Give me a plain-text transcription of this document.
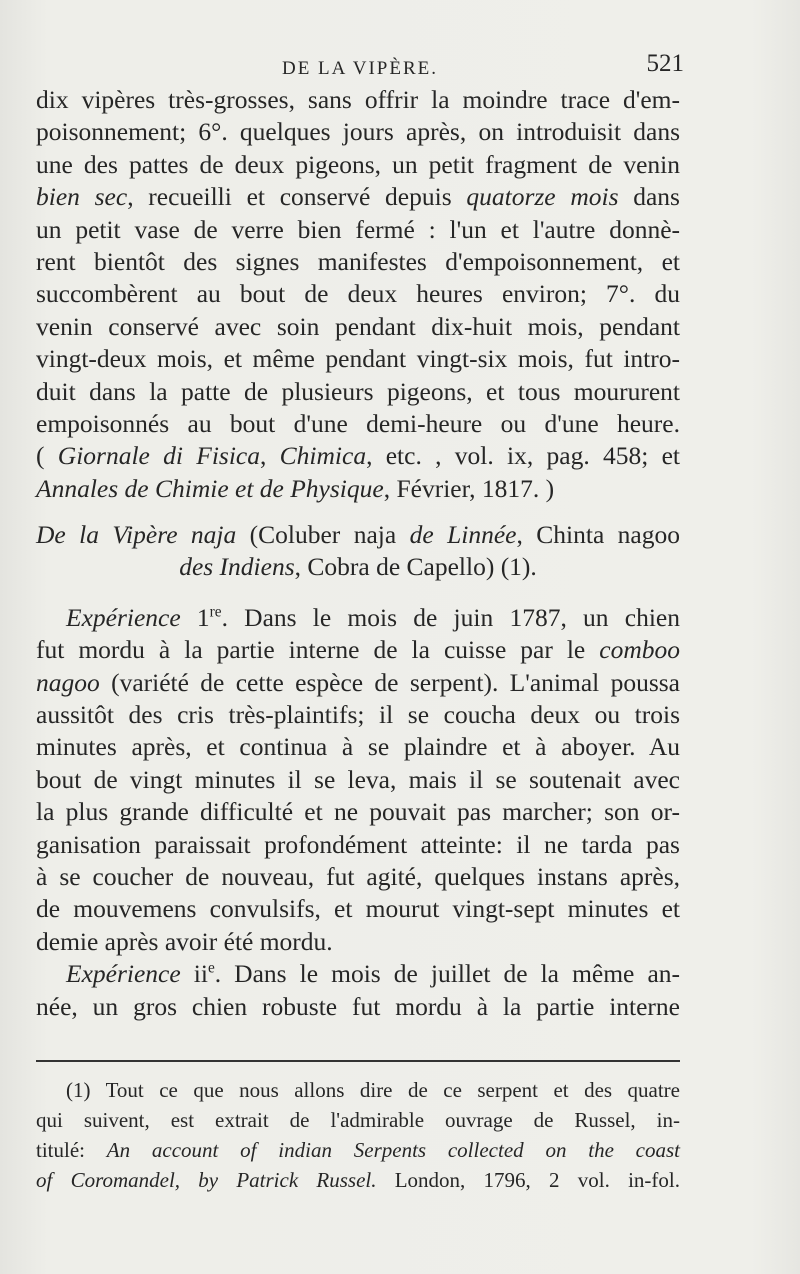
DE LA VIPÈRE.	521
dix vipères très-grosses, sans offrir la moindre trace d'em-
poisonnement; 6°. quelques jours après, on introduisit dans
une des pattes de deux pigeons, un petit fragment de venin
bien sec, recueilli et conservé depuis quatorze mois dans
un petit vase de verre bien fermé : l'un et l'autre donnè-
rent bientôt des signes manifestes d'empoisonnement, et
succombèrent au bout de deux heures environ; 7°. du
venin conservé avec soin pendant dix-huit mois, pendant
vingt-deux mois, et même pendant vingt-six mois, fut intro-
duit dans la patte de plusieurs pigeons, et tous moururent
empoisonnés au bout d'une demi-heure ou d'une heure.
( Giornale di Fisica, Chimica, etc. , vol. ix, pag. 458; et
Annales de Chimie et de Physique, Février, 1817. )
De la Vipère naja (Coluber naja de Linnée, Chinta nagoo
des Indiens, Cobra de Capello) (1).
Expérience 1re. Dans le mois de juin 1787, un chien
fut mordu à la partie interne de la cuisse par le comboo
nagoo (variété de cette espèce de serpent). L'animal poussa
aussitôt des cris très-plaintifs; il se coucha deux ou trois
minutes après, et continua à se plaindre et à aboyer. Au
bout de vingt minutes il se leva, mais il se soutenait avec
la plus grande difficulté et ne pouvait pas marcher; son or-
ganisation paraissait profondément atteinte: il ne tarda pas
à se coucher de nouveau, fut agité, quelques instans après,
de mouvemens convulsifs, et mourut vingt-sept minutes et
demie après avoir été mordu.
Expérience $ii^e$. Dans le mois de juillet de la même an-
née, un gros chien robuste fut mordu à la partie interne
(1) Tout ce que nous allons dire de ce serpent et des quatre
qui suivent, est extrait de l'admirable ouvrage de Russel, in-
titulé: An account of indian Serpents collected on the coast
of Coromandel, by Patrick Russel. London, 1796, 2 vol. in-fol.
